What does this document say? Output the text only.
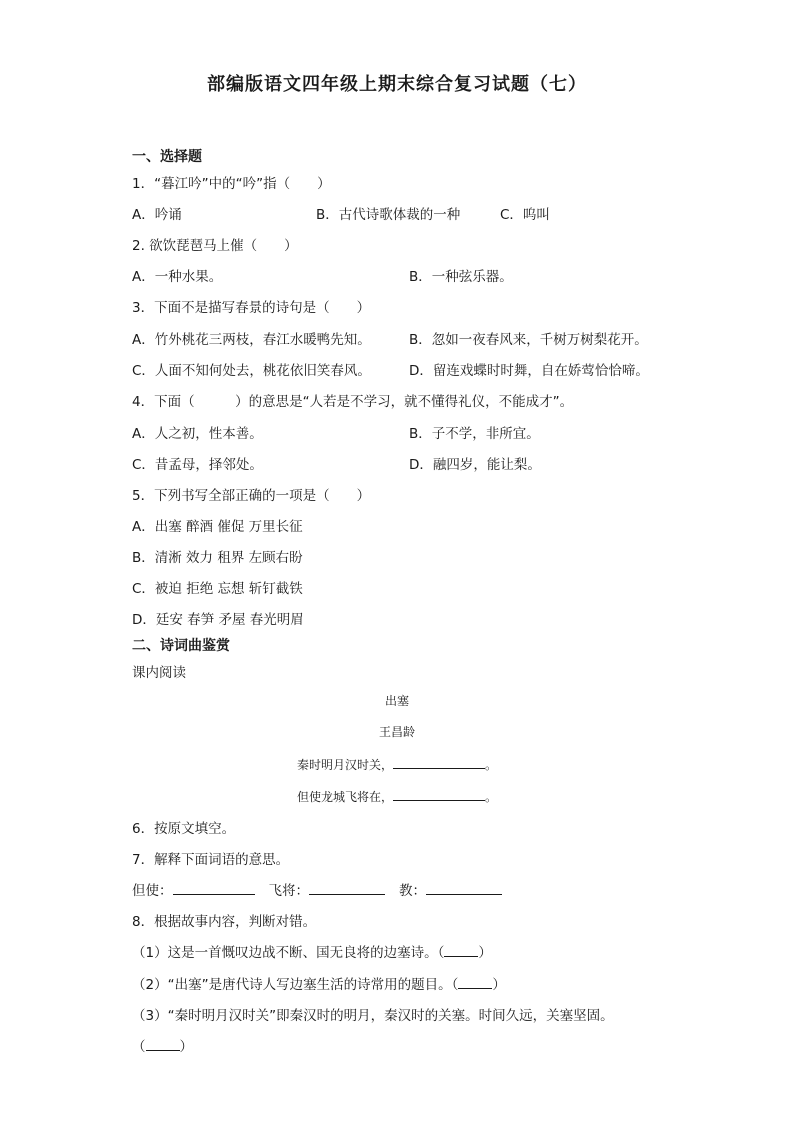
部编版语文四年级上期末综合复习试题（七）
一、选择题
1．“暮江吟”中的“吟”指（　　）
A．吟诵	B．古代诗歌体裁的一种	C．呜叫
2. 欲饮琵琶马上催（　　）
A．一种水果。	B．一种弦乐器。
3．下面不是描写春景的诗句是（　　）
A．竹外桃花三两枝，春江水暖鸭先知。	B．忽如一夜春风来，千树万树梨花开。
C．人面不知何处去，桃花依旧笑春风。	D．留连戏蝶时时舞，自在娇莺恰恰啼。
4．下面（　　　）的意思是“人若是不学习，就不懂得礼仪，不能成才”。
A．人之初，性本善。	B．子不学，非所宜。
C．昔孟母，择邻处。	D．融四岁，能让梨。
5．下列书写全部正确的一项是（　　）
A．出塞 醉酒 催促 万里长征
B．清淅 效力 租界 左顾右盼
C．被迫 拒绝 忘想 斩钉截铁
D．廷安 春笋 矛屋 春光明眉
二、诗词曲鉴赏
课内阅读
出塞
王昌龄
秦时明月汉时关，	。
但使龙城飞将在，	。
6．按原文填空。
7．解释下面词语的意思。
但使：	飞将：	教：
8．根据故事内容，判断对错。
（1）这是一首慨叹边战不断、国无良将的边塞诗。（	）
（2）“出塞”是唐代诗人写边塞生活的诗常用的题目。（	）
（3）“秦时明月汉时关”即秦汉时的明月，秦汉时的关塞。时间久远，关塞坚固。
（	）
